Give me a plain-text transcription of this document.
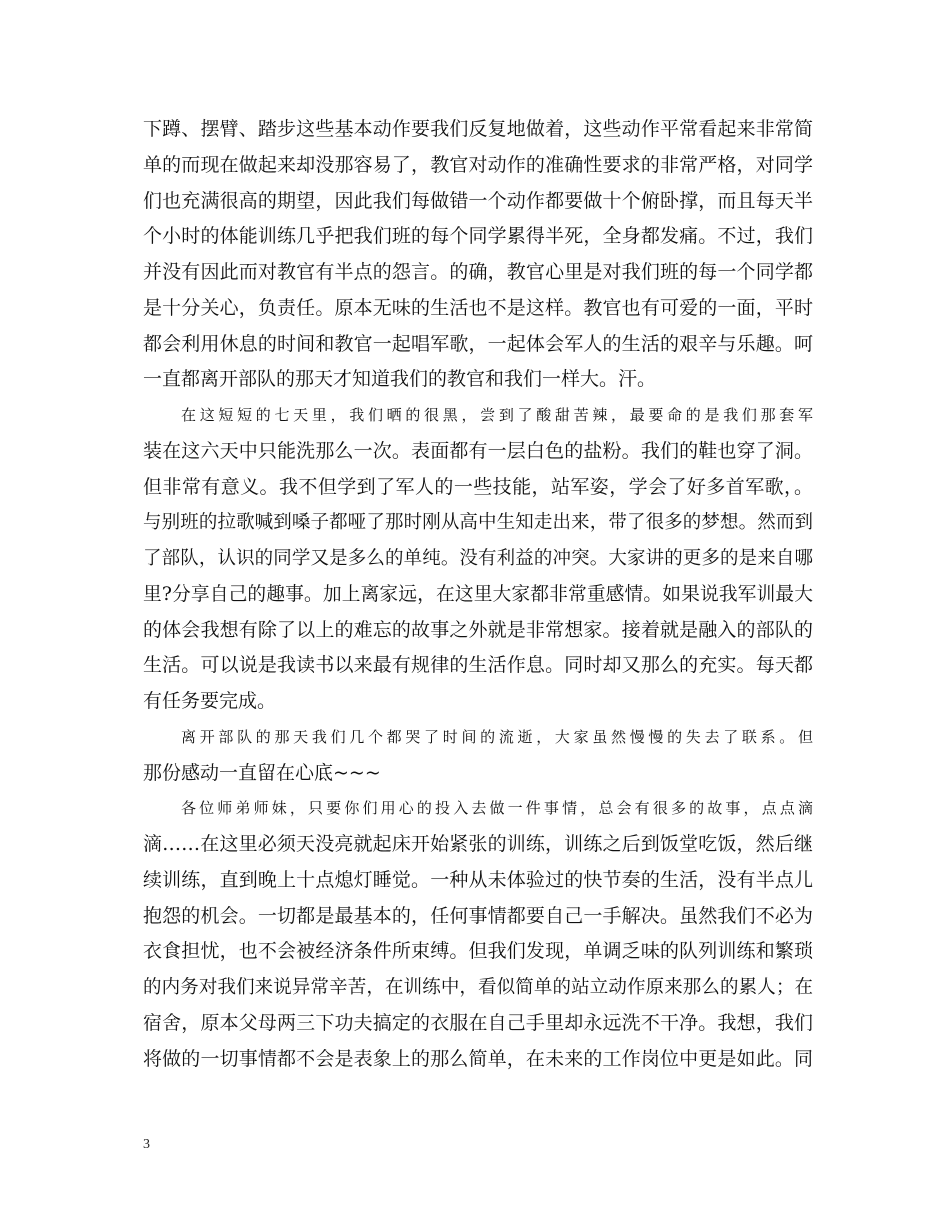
下蹲、摆臂、踏步这些基本动作要我们反复地做着，这些动作平常看起来非常简
单的而现在做起来却没那容易了，教官对动作的准确性要求的非常严格，对同学
们也充满很高的期望，因此我们每做错一个动作都要做十个俯卧撑，而且每天半
个小时的体能训练几乎把我们班的每个同学累得半死，全身都发痛。不过，我们
并没有因此而对教官有半点的怨言。的确，教官心里是对我们班的每一个同学都
是十分关心，负责任。原本无味的生活也不是这样。教官也有可爱的一面，平时
都会利用休息的时间和教官一起唱军歌，一起体会军人的生活的艰辛与乐趣。呵
一直都离开部队的那天才知道我们的教官和我们一样大。汗。
在这短短的七天里，我们晒的很黑，尝到了酸甜苦辣，最要命的是我们那套军
装在这六天中只能洗那么一次。表面都有一层白色的盐粉。我们的鞋也穿了洞。
但非常有意义。我不但学到了军人的一些技能，站军姿，学会了好多首军歌，。
与别班的拉歌喊到嗓子都哑了那时刚从高中生知走出来，带了很多的梦想。然而到
了部队，认识的同学又是多么的单纯。没有利益的冲突。大家讲的更多的是来自哪
里?分享自己的趣事。加上离家远，在这里大家都非常重感情。如果说我军训最大
的体会我想有除了以上的难忘的故事之外就是非常想家。接着就是融入的部队的
生活。可以说是我读书以来最有规律的生活作息。同时却又那么的充实。每天都
有任务要完成。
离开部队的那天我们几个都哭了时间的流逝，大家虽然慢慢的失去了联系。但
那份感动一直留在心底~~~
各位师弟师妹，只要你们用心的投入去做一件事情，总会有很多的故事，点点滴
滴……在这里必须天没亮就起床开始紧张的训练，训练之后到饭堂吃饭，然后继
续训练，直到晚上十点熄灯睡觉。一种从未体验过的快节奏的生活，没有半点儿
抱怨的机会。一切都是最基本的，任何事情都要自己一手解决。虽然我们不必为
衣食担忧，也不会被经济条件所束缚。但我们发现，单调乏味的队列训练和繁琐
的内务对我们来说异常辛苦，在训练中，看似简单的站立动作原来那么的累人；在
宿舍，原本父母两三下功夫搞定的衣服在自己手里却永远洗不干净。我想，我们
将做的一切事情都不会是表象上的那么简单，在未来的工作岗位中更是如此。同
3
